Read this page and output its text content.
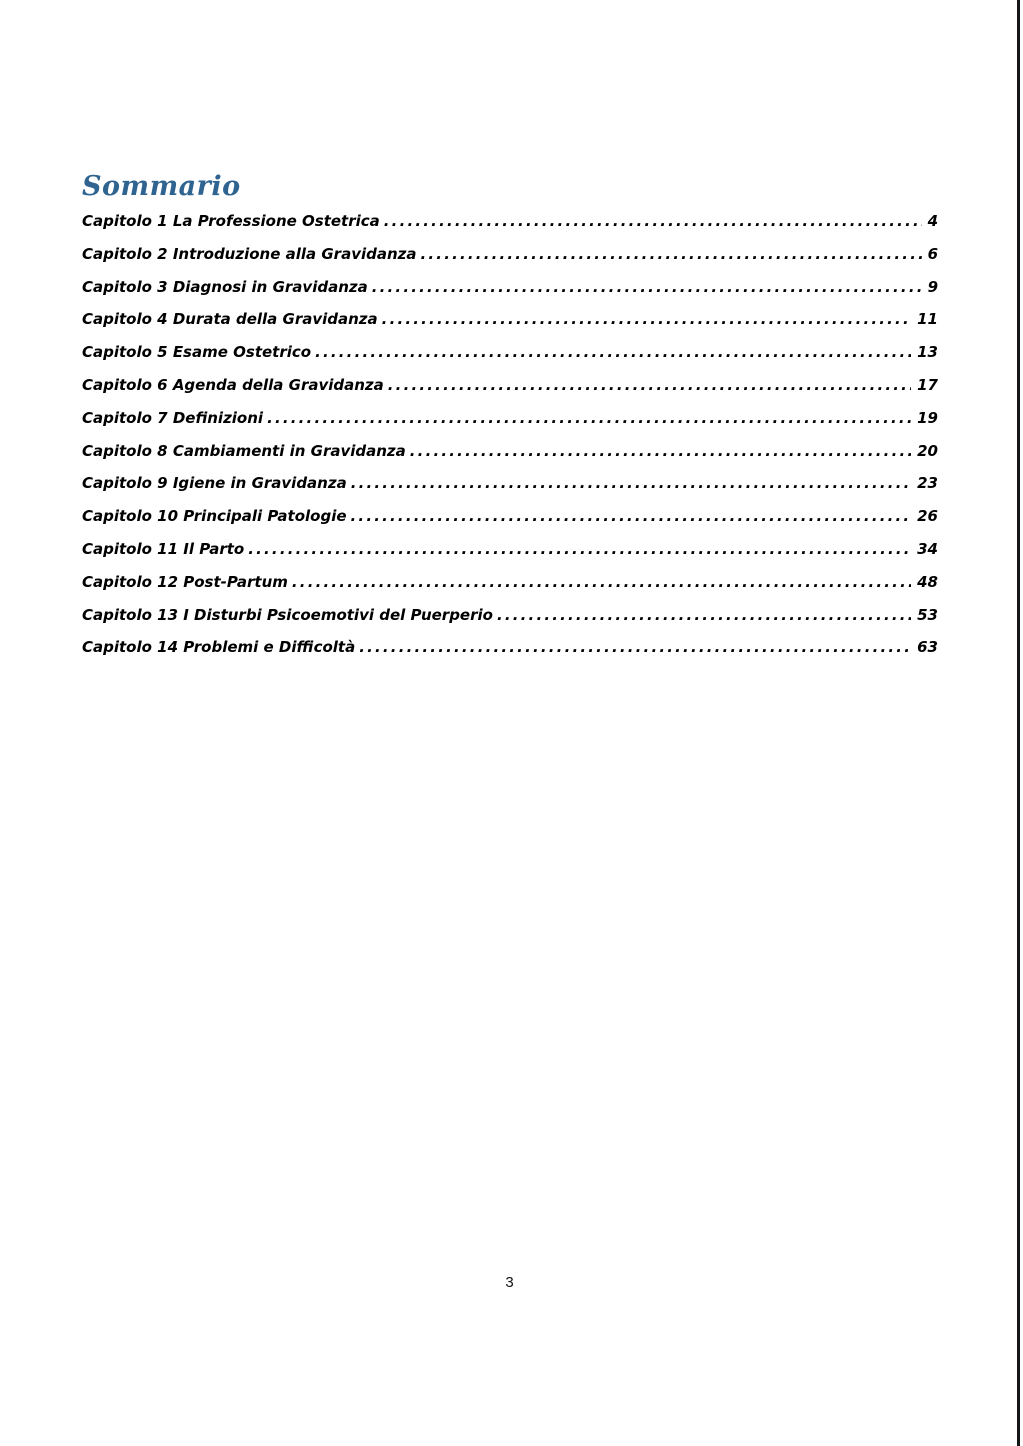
Sommario
Capitolo 1 La Professione Ostetrica .....	4
Capitolo 2 Introduzione alla Gravidanza .....	6
Capitolo 3 Diagnosi in Gravidanza .....	9
Capitolo 4 Durata della Gravidanza .....	11
Capitolo 5 Esame Ostetrico .....	13
Capitolo 6 Agenda della Gravidanza .....	17
Capitolo 7 Definizioni .....	19
Capitolo 8 Cambiamenti in Gravidanza .....	20
Capitolo 9 Igiene in Gravidanza .....	23
Capitolo 10 Principali Patologie .....	26
Capitolo 11 Il Parto .....	34
Capitolo 12 Post-Partum .....	48
Capitolo 13 I Disturbi Psicoemotivi del Puerperio .....	53
Capitolo 14 Problemi e Difficoltà .....	63
3
